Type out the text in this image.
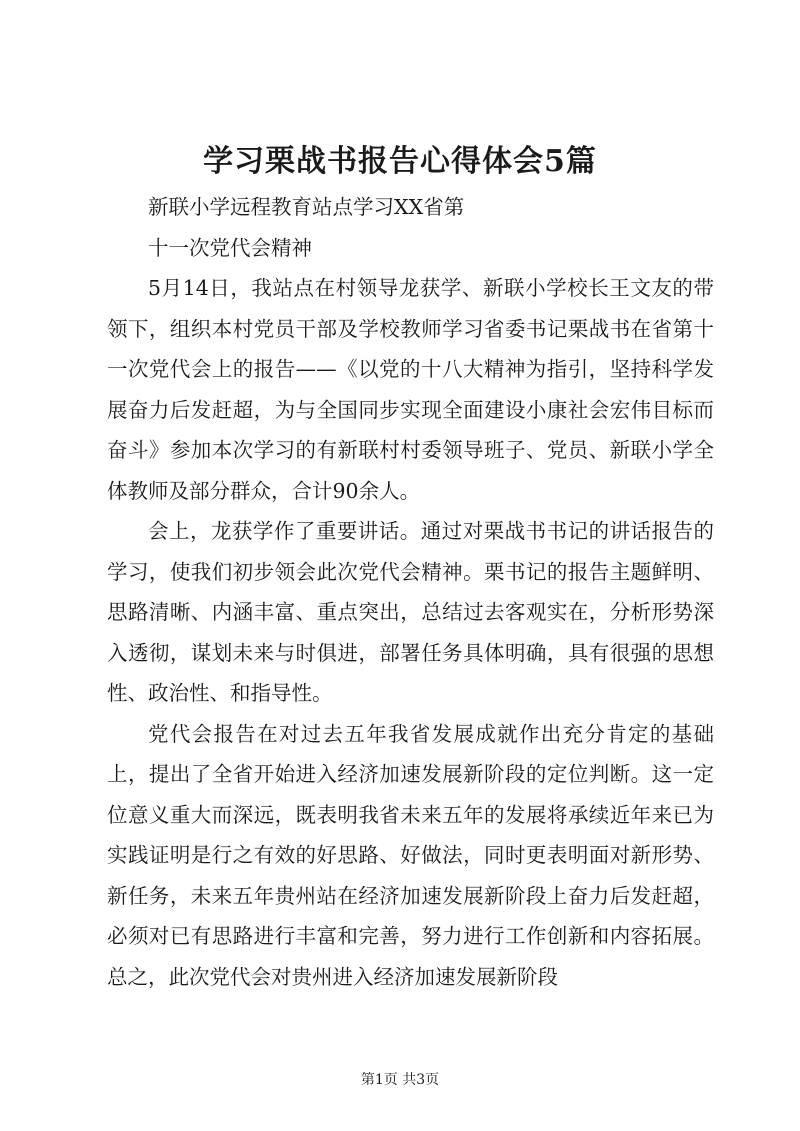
学习栗战书报告心得体会5篇

新联小学远程教育站点学习XX省第

十一次党代会精神

5月14日，我站点在村领导龙获学、新联小学校长王文友的带领下，组织本村党员干部及学校教师学习省委书记栗战书在省第十一次党代会上的报告——《以党的十八大精神为指引，坚持科学发展奋力后发赶超，为与全国同步实现全面建设小康社会宏伟目标而奋斗》参加本次学习的有新联村村委领导班子、党员、新联小学全体教师及部分群众，合计90余人。

会上，龙获学作了重要讲话。通过对栗战书书记的讲话报告的学习，使我们初步领会此次党代会精神。栗书记的报告主题鲜明、思路清晰、内涵丰富、重点突出，总结过去客观实在，分析形势深入透彻，谋划未来与时俱进，部署任务具体明确，具有很强的思想性、政治性、和指导性。

党代会报告在对过去五年我省发展成就作出充分肯定的基础上，提出了全省开始进入经济加速发展新阶段的定位判断。这一定位意义重大而深远，既表明我省未来五年的发展将承续近年来已为实践证明是行之有效的好思路、好做法，同时更表明面对新形势、新任务，未来五年贵州站在经济加速发展新阶段上奋力后发赶超，必须对已有思路进行丰富和完善，努力进行工作创新和内容拓展。总之，此次党代会对贵州进入经济加速发展新阶段

第1页 共3页
